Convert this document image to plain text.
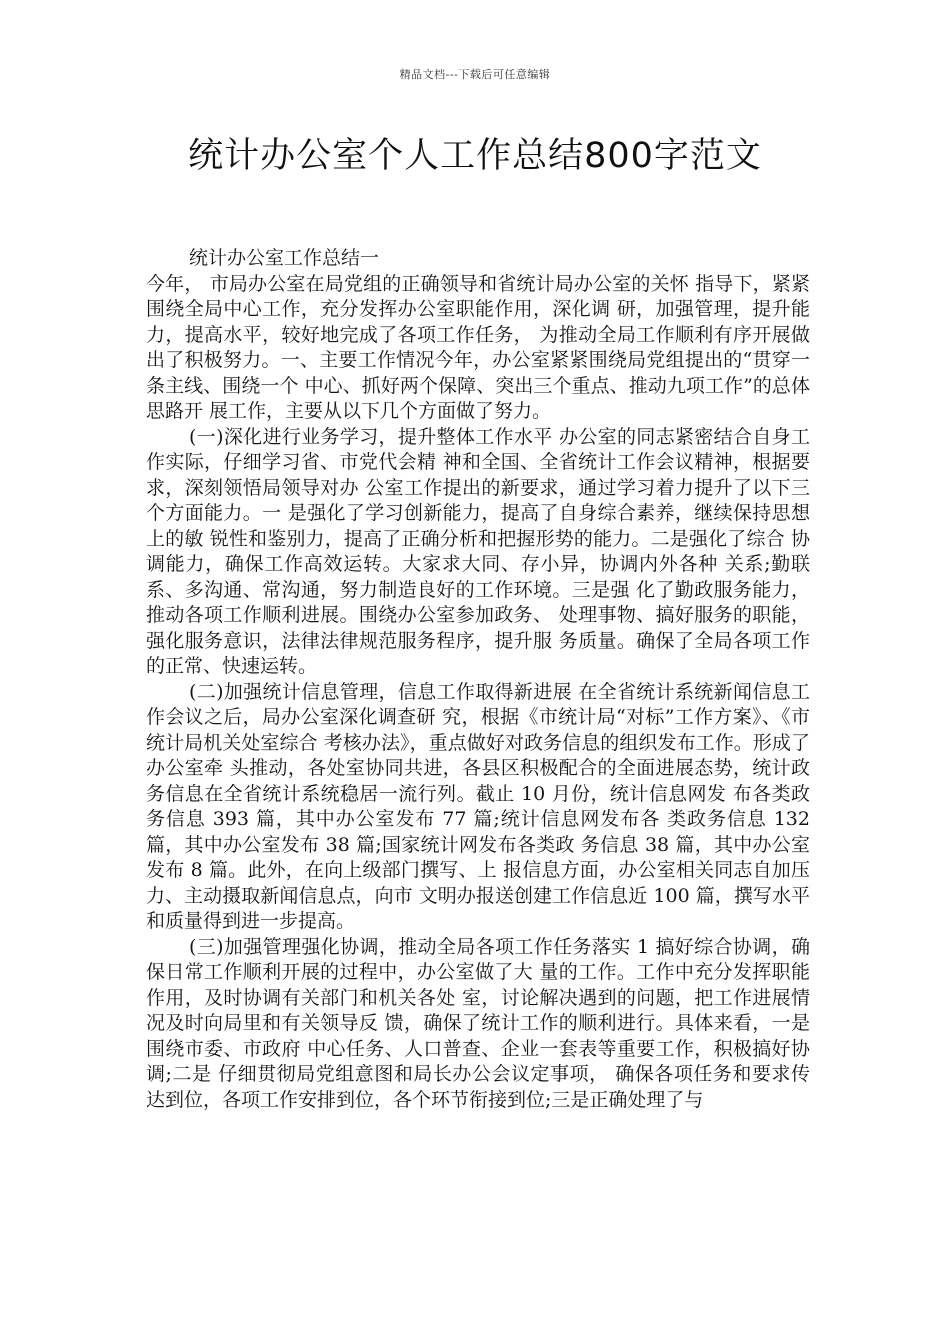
精品文档---下载后可任意编辑
统计办公室个人工作总结800字范文

统计办公室工作总结一

今年， 市局办公室在局党组的正确领导和省统计局办公室的关怀 指导下，紧紧围绕全局中心工作，充分发挥办公室职能作用，深化调 研，加强管理，提升能力，提高水平，较好地完成了各项工作任务， 为推动全局工作顺利有序开展做出了积极努力。一、主要工作情况今年，办公室紧紧围绕局党组提出的“贯穿一条主线、围绕一个 中心、抓好两个保障、突出三个重点、推动九项工作”的总体思路开 展工作，主要从以下几个方面做了努力。

(一)深化进行业务学习，提升整体工作水平 办公室的同志紧密结合自身工作实际，仔细学习省、市党代会精 神和全国、全省统计工作会议精神，根据要求，深刻领悟局领导对办 公室工作提出的新要求，通过学习着力提升了以下三个方面能力。一 是强化了学习创新能力，提高了自身综合素养，继续保持思想上的敏 锐性和鉴别力，提高了正确分析和把握形势的能力。二是强化了综合 协调能力，确保工作高效运转。大家求大同、存小异，协调内外各种 关系;勤联系、多沟通、常沟通，努力制造良好的工作环境。三是强 化了勤政服务能力，推动各项工作顺利进展。围绕办公室参加政务、 处理事物、搞好服务的职能，强化服务意识，法律法律规范服务程序，提升服 务质量。确保了全局各项工作的正常、快速运转。

(二)加强统计信息管理，信息工作取得新进展 在全省统计系统新闻信息工作会议之后，局办公室深化调查研 究，根据《市统计局“对标”工作方案》、《市统计局机关处室综合 考核办法》，重点做好对政务信息的组织发布工作。形成了办公室牵 头推动，各处室协同共进，各县区积极配合的全面进展态势，统计政 务信息在全省统计系统稳居一流行列。截止 10 月份，统计信息网发 布各类政务信息 393 篇，其中办公室发布 77 篇;统计信息网发布各 类政务信息 132 篇，其中办公室发布 38 篇;国家统计网发布各类政 务信息 38 篇，其中办公室发布 8 篇。此外，在向上级部门撰写、上 报信息方面，办公室相关同志自加压力、主动摄取新闻信息点，向市 文明办报送创建工作信息近 100 篇，撰写水平和质量得到进一步提高。

(三)加强管理强化协调，推动全局各项工作任务落实 1 搞好综合协调，确保日常工作顺利开展的过程中，办公室做了大 量的工作。工作中充分发挥职能作用，及时协调有关部门和机关各处 室，讨论解决遇到的问题，把工作进展情况及时向局里和有关领导反 馈，确保了统计工作的顺利进行。具体来看，一是围绕市委、市政府 中心任务、人口普查、企业一套表等重要工作，积极搞好协调;二是 仔细贯彻局党组意图和局长办公会议定事项， 确保各项任务和要求传达到位，各项工作安排到位，各个环节衔接到位;三是正确处理了与
